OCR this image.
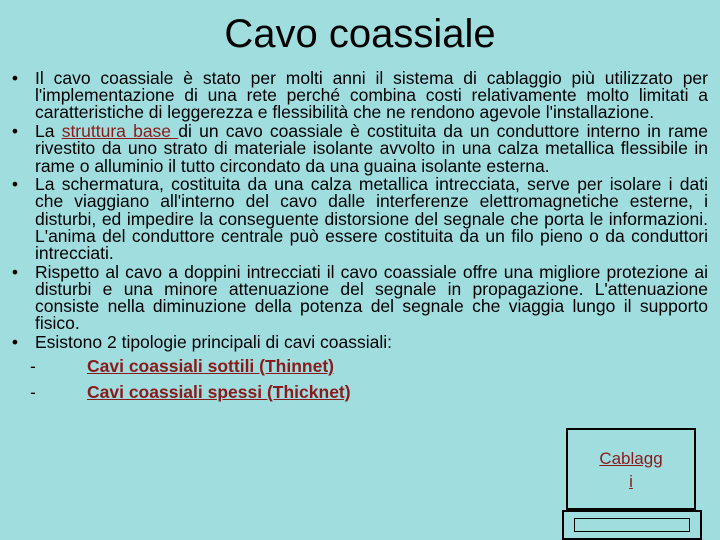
Cavo coassiale

• Il cavo coassiale è stato per molti anni il sistema di cablaggio più utilizzato per l'implementazione di una rete perché combina costi relativamente molto limitati a caratteristiche di leggerezza e flessibilità che ne rendono agevole l'installazione.

• La struttura base di un cavo coassiale è costituita da un conduttore interno in rame rivestito da uno strato di materiale isolante avvolto in una calza metallica flessibile in rame o alluminio il tutto circondato da una guaina isolante esterna.

• La schermatura, costituita da una calza metallica intrecciata, serve per isolare i dati che viaggiano all'interno del cavo dalle interferenze elettromagnetiche esterne, i disturbi, ed impedire la conseguente distorsione del segnale che porta le informazioni. L'anima del conduttore centrale può essere costituita da un filo pieno o da conduttori intrecciati.

• Rispetto al cavo a doppini intrecciati il cavo coassiale offre una migliore protezione ai disturbi e una minore attenuazione del segnale in propagazione. L'attenuazione consiste nella diminuzione della potenza del segnale che viaggia lungo il supporto fisico.

• Esistono 2 tipologie principali di cavi coassiali:

-	Cavi coassiali sottili (Thinnet)
-	Cavi coassiali spessi (Thicknet)
Cablagg
i
